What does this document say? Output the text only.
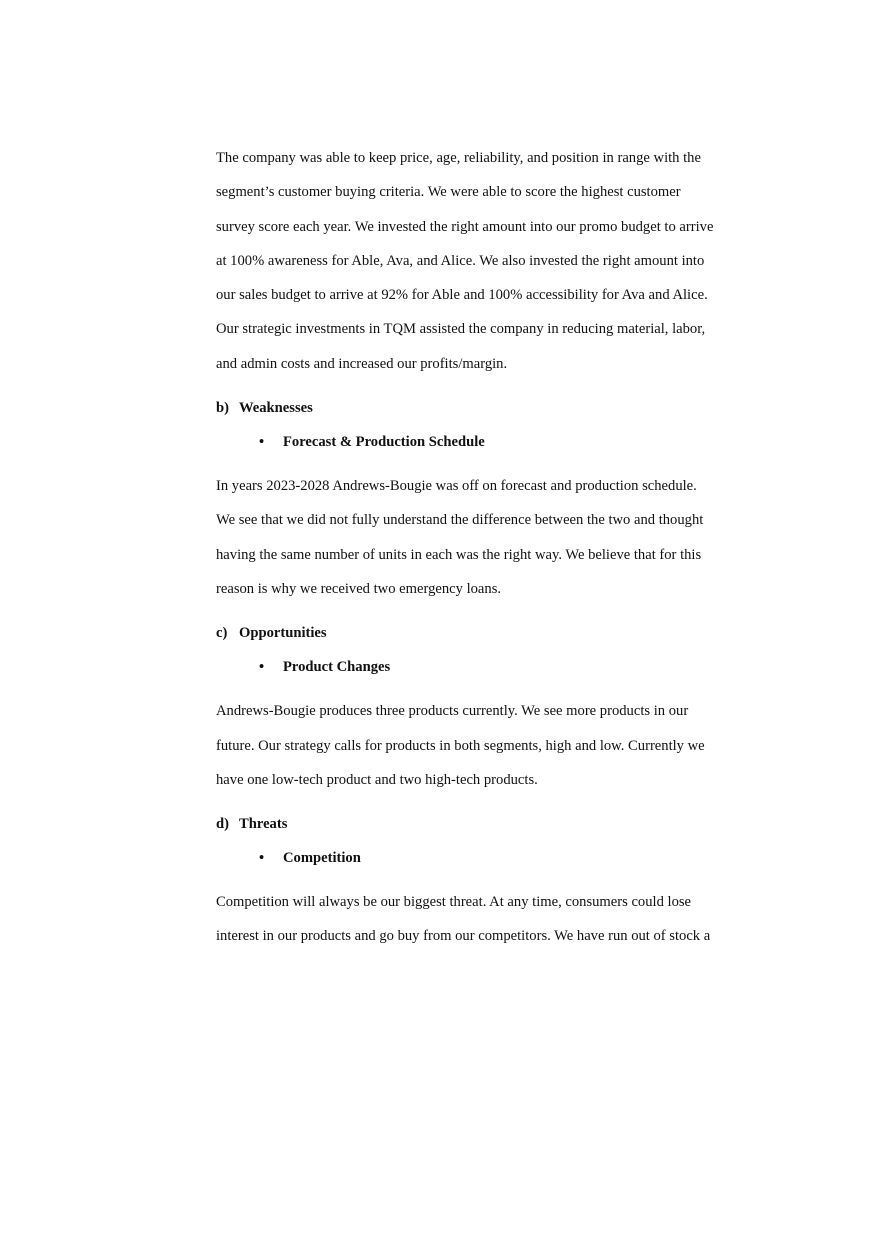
The company was able to keep price, age, reliability, and position in range with the
segment’s customer buying criteria. We were able to score the highest customer
survey score each year. We invested the right amount into our promo budget to arrive
at 100% awareness for Able, Ava, and Alice. We also invested the right amount into
our sales budget to arrive at 92% for Able and 100% accessibility for Ava and Alice.
Our strategic investments in TQM assisted the company in reducing material, labor,
and admin costs and increased our profits/margin.
b) Weaknesses
• Forecast & Production Schedule
In years 2023-2028 Andrews-Bougie was off on forecast and production schedule.
We see that we did not fully understand the difference between the two and thought
having the same number of units in each was the right way. We believe that for this
reason is why we received two emergency loans.
c) Opportunities
• Product Changes
Andrews-Bougie produces three products currently. We see more products in our
future. Our strategy calls for products in both segments, high and low. Currently we
have one low-tech product and two high-tech products.
d) Threats
• Competition
Competition will always be our biggest threat. At any time, consumers could lose
interest in our products and go buy from our competitors. We have run out of stock a
